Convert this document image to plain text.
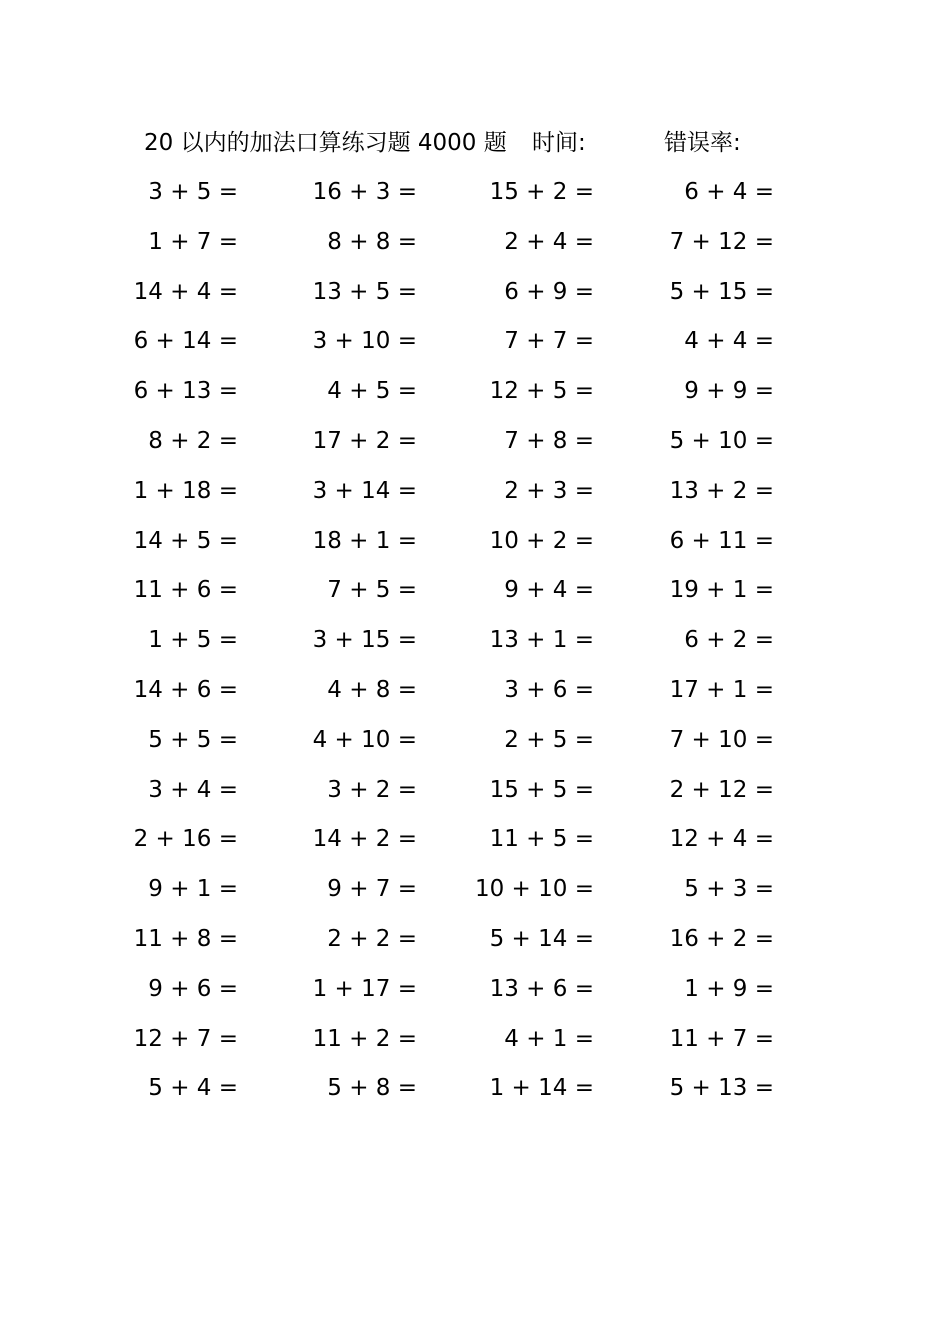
20 以内的加法口算练习题 4000 题 时间:	错误率:
3 + 5 =	16 + 3 =	15 + 2 =	6 + 4 =
1 + 7 =	8 + 8 =	2 + 4 =	7 + 12 =
14 + 4 =	13 + 5 =	6 + 9 =	5 + 15 =
6 + 14 =	3 + 10 =	7 + 7 =	4 + 4 =
6 + 13 =	4 + 5 =	12 + 5 =	9 + 9 =
8 + 2 =	17 + 2 =	7 + 8 =	5 + 10 =
1 + 18 =	3 + 14 =	2 + 3 =	13 + 2 =
14 + 5 =	18 + 1 =	10 + 2 =	6 + 11 =
11 + 6 =	7 + 5 =	9 + 4 =	19 + 1 =
1 + 5 =	3 + 15 =	13 + 1 =	6 + 2 =
14 + 6 =	4 + 8 =	3 + 6 =	17 + 1 =
5 + 5 =	4 + 10 =	2 + 5 =	7 + 10 =
3 + 4 =	3 + 2 =	15 + 5 =	2 + 12 =
2 + 16 =	14 + 2 =	11 + 5 =	12 + 4 =
9 + 1 =	9 + 7 =	10 + 10 =	5 + 3 =
11 + 8 =	2 + 2 =	5 + 14 =	16 + 2 =
9 + 6 =	1 + 17 =	13 + 6 =	1 + 9 =
12 + 7 =	11 + 2 =	4 + 1 =	11 + 7 =
5 + 4 =	5 + 8 =	1 + 14 =	5 + 13 =
